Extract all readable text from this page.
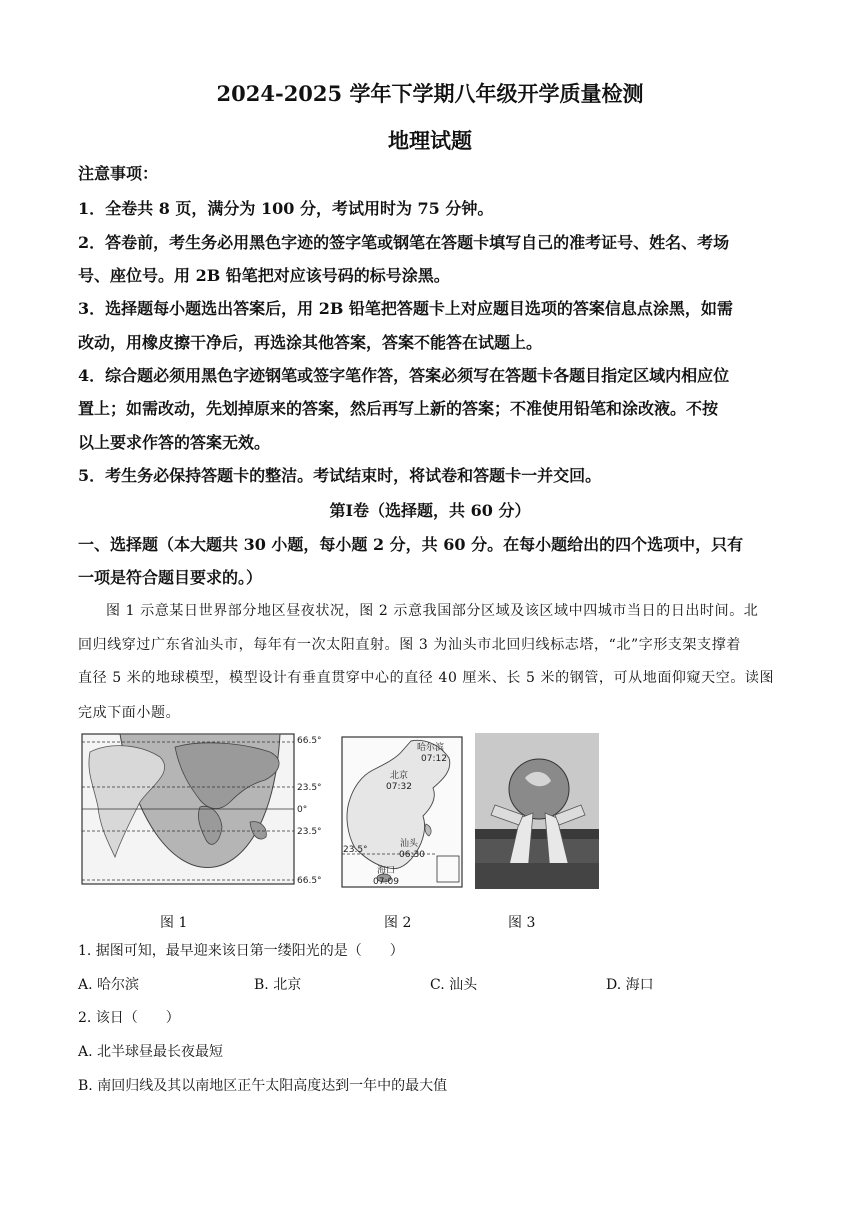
2024-2025 学年下学期八年级开学质量检测
地理试题
注意事项：
1．全卷共 8 页，满分为 100 分，考试用时为 75 分钟。
2．答卷前，考生务必用黑色字迹的签字笔或钢笔在答题卡填写自己的准考证号、姓名、考场
号、座位号。用 2B 铅笔把对应该号码的标号涂黑。
3．选择题每小题选出答案后，用 2B 铅笔把答题卡上对应题目选项的答案信息点涂黑，如需
改动，用橡皮擦干净后，再选涂其他答案，答案不能答在试题上。
4．综合题必须用黑色字迹钢笔或签字笔作答，答案必须写在答题卡各题目指定区域内相应位
置上；如需改动，先划掉原来的答案，然后再写上新的答案；不准使用铅笔和涂改液。不按
以上要求作答的答案无效。
5．考生务必保持答题卡的整洁。考试结束时，将试卷和答题卡一并交回。
第Ⅰ卷（选择题，共 60 分）
一、选择题（本大题共 30 小题，每小题 2 分，共 60 分。在每小题给出的四个选项中，只有
一项是符合题目要求的。）
图 1 示意某日世界部分地区昼夜状况，图 2 示意我国部分区域及该区域中四城市当日的日出时间。北
回归线穿过广东省汕头市，每年有一次太阳直射。图 3 为汕头市北回归线标志塔，“北”字形支架支撑着
直径 5 米的地球模型，模型设计有垂直贯穿中心的直径 40 厘米、长 5 米的钢管，可从地面仰窥天空。读图
完成下面小题。
66.5°
23.5°
0°
23.5°
66.5°
23.5°
哈尔滨
07:12
北京
07:32
汕头
06:30
海口
07:09
图 1	图 2	图 3
1. 据图可知，最早迎来该日第一缕阳光的是（　　）
A. 哈尔滨	B. 北京	C. 汕头	D. 海口
2. 该日（　　）
A. 北半球昼最长夜最短
B. 南回归线及其以南地区正午太阳高度达到一年中的最大值
